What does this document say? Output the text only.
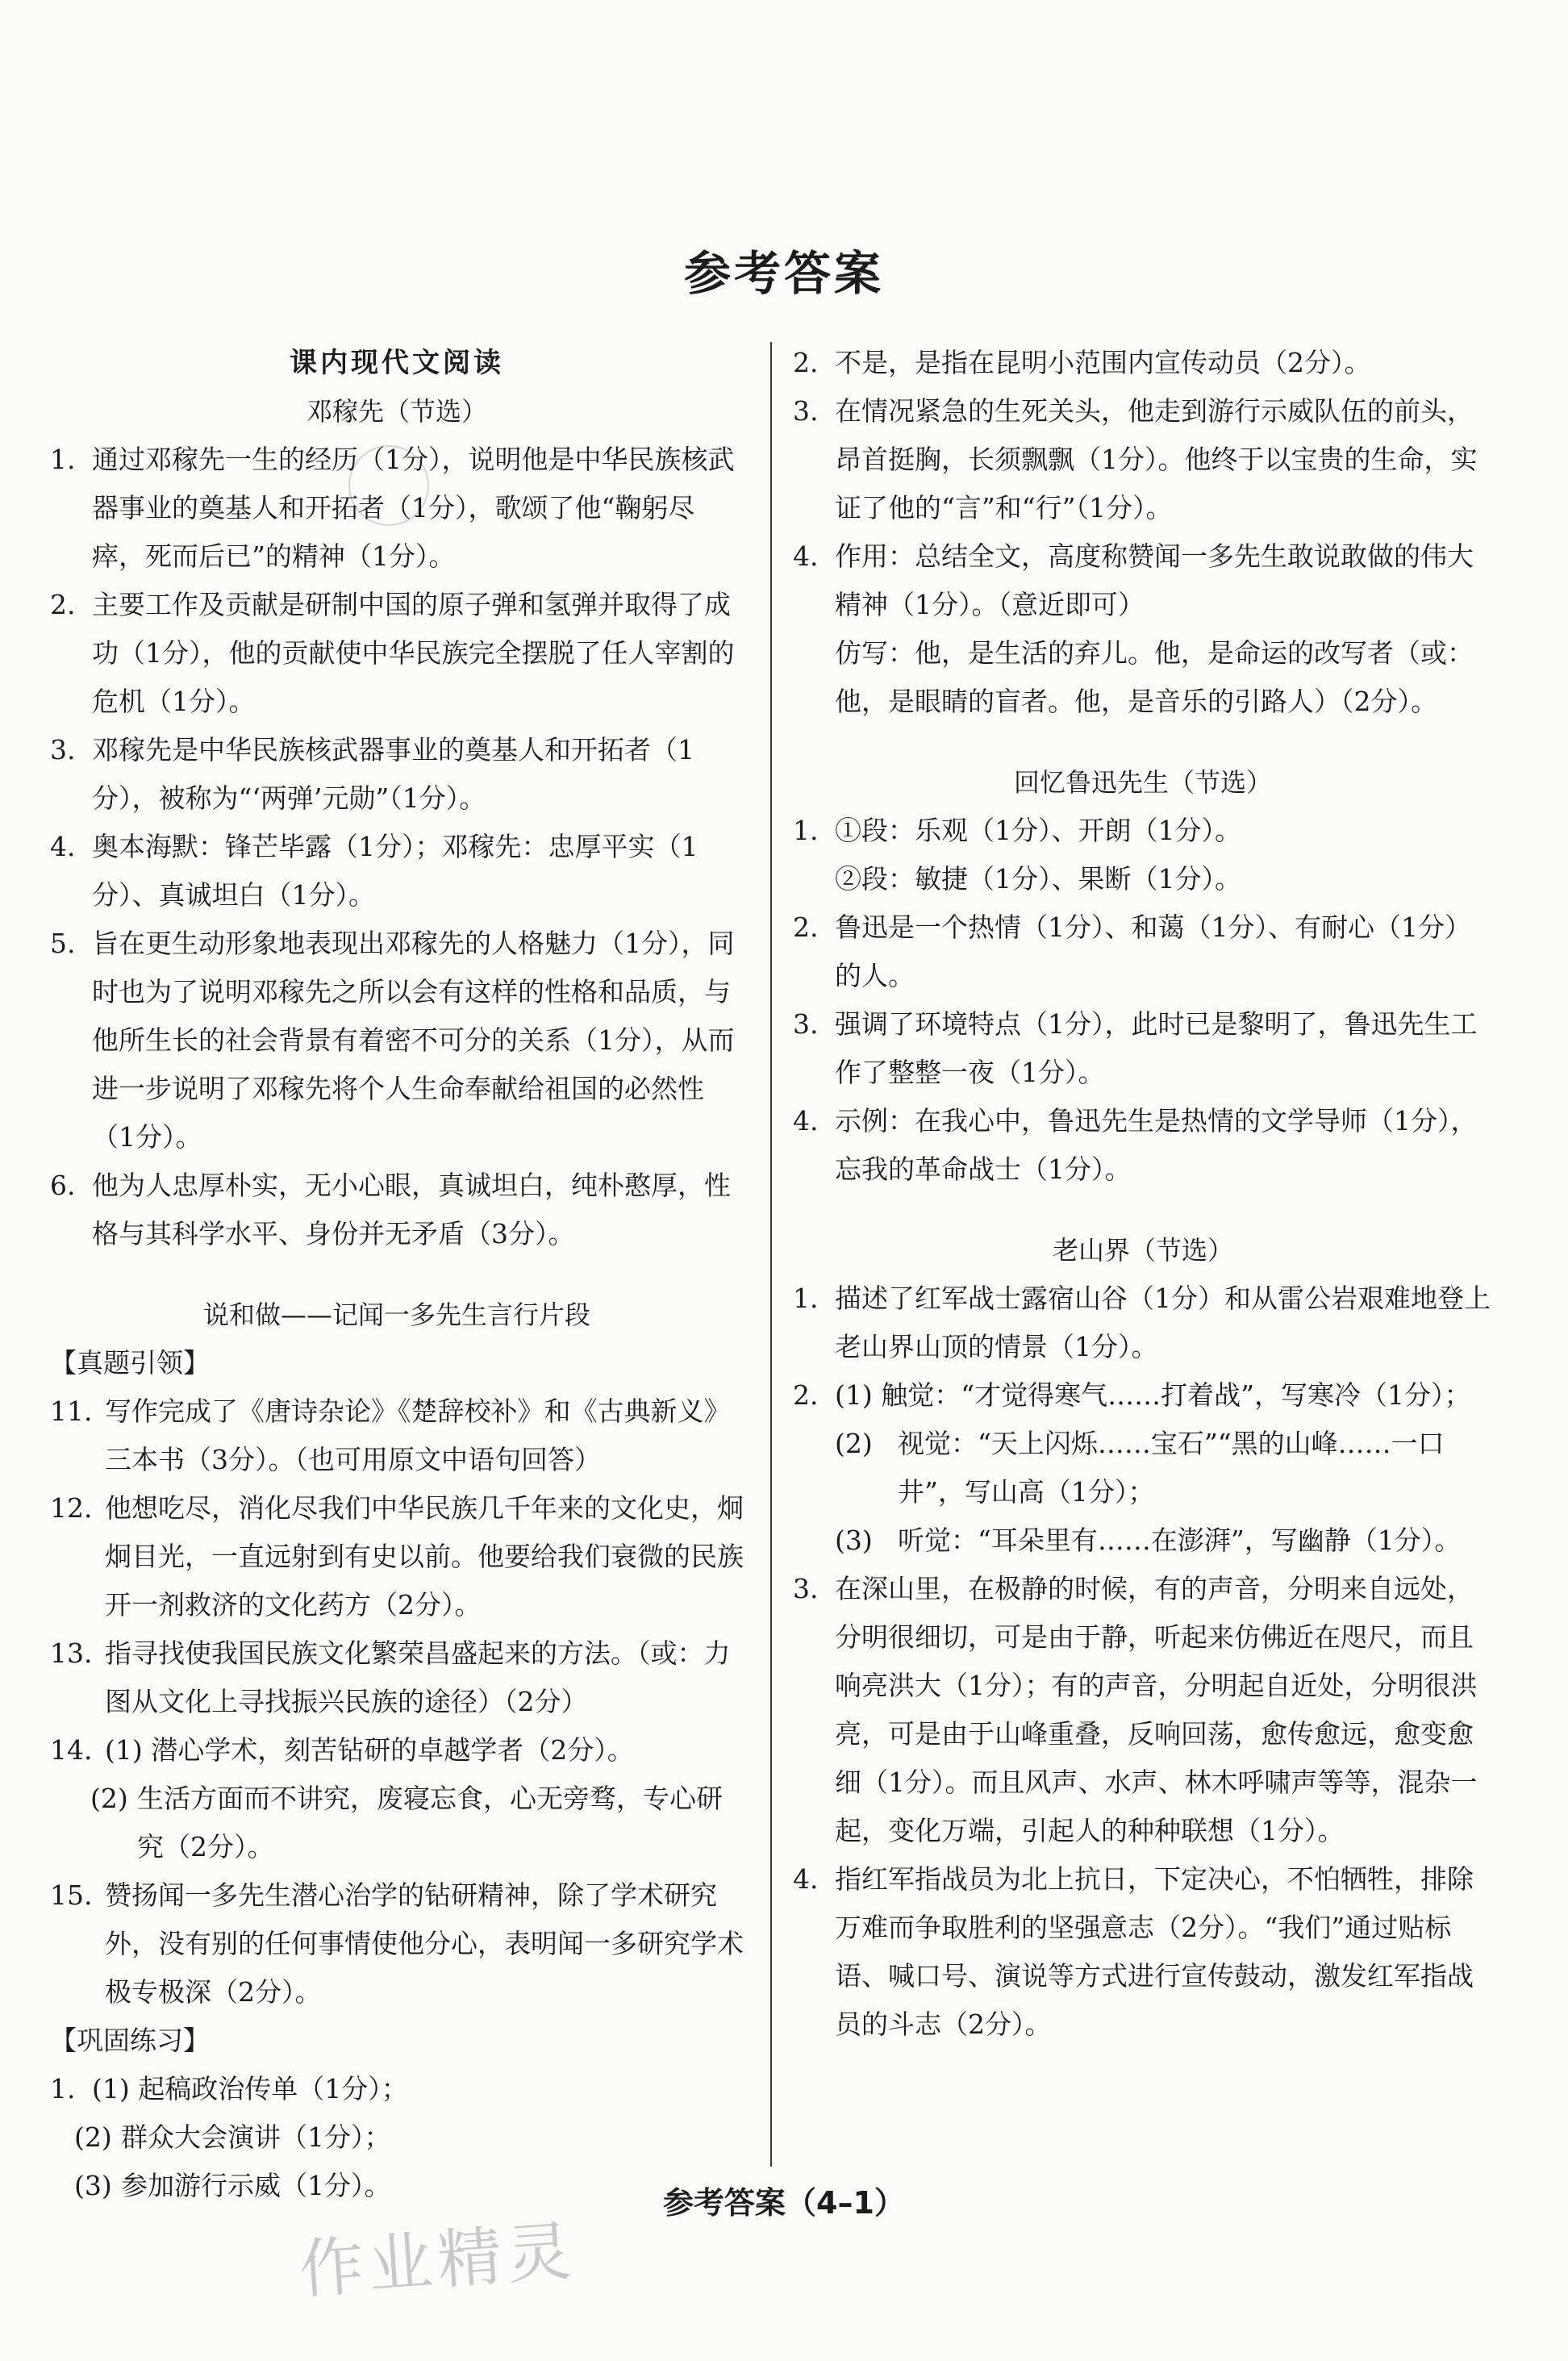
参考答案
课内现代文阅读
邓稼先（节选）
1. 通过邓稼先一生的经历（1分），说明他是中华民族核武器事业的奠基人和开拓者（1分），歌颂了他“鞠躬尽瘁，死而后已”的精神（1分）。
2. 主要工作及贡献是研制中国的原子弹和氢弹并取得了成功（1分），他的贡献使中华民族完全摆脱了任人宰割的危机（1分）。
3. 邓稼先是中华民族核武器事业的奠基人和开拓者（1分），被称为“‘两弹’元勋”（1分）。
4. 奥本海默：锋芒毕露（1分）；邓稼先：忠厚平实（1分）、真诚坦白（1分）。
5. 旨在更生动形象地表现出邓稼先的人格魅力（1分），同时也为了说明邓稼先之所以会有这样的性格和品质，与他所生长的社会背景有着密不可分的关系（1分），从而进一步说明了邓稼先将个人生命奉献给祖国的必然性（1分）。
6. 他为人忠厚朴实，无小心眼，真诚坦白，纯朴憨厚，性格与其科学水平、身份并无矛盾（3分）。
说和做——记闻一多先生言行片段
【真题引领】
11. 写作完成了《唐诗杂论》《楚辞校补》和《古典新义》三本书（3分）。（也可用原文中语句回答）
12. 他想吃尽，消化尽我们中华民族几千年来的文化史，炯炯目光，一直远射到有史以前。他要给我们衰微的民族开一剂救济的文化药方（2分）。
13. 指寻找使我国民族文化繁荣昌盛起来的方法。（或：力图从文化上寻找振兴民族的途径）（2分）
14. (1) 潜心学术，刻苦钻研的卓越学者（2分）。
(2) 生活方面而不讲究，废寝忘食，心无旁骛，专心研究（2分）。
15. 赞扬闻一多先生潜心治学的钻研精神，除了学术研究外，没有别的任何事情使他分心，表明闻一多研究学术极专极深（2分）。
【巩固练习】
1. (1) 起稿政治传单（1分）；
(2) 群众大会演讲（1分）；
(3) 参加游行示威（1分）。
2. 不是，是指在昆明小范围内宣传动员（2分）。
3. 在情况紧急的生死关头，他走到游行示威队伍的前头，昂首挺胸，长须飘飘（1分）。他终于以宝贵的生命，实证了他的“言”和“行”（1分）。
4. 作用：总结全文，高度称赞闻一多先生敢说敢做的伟大精神（1分）。（意近即可）
仿写：他，是生活的弃儿。他，是命运的改写者（或：他，是眼睛的盲者。他，是音乐的引路人）（2分）。
回忆鲁迅先生（节选）
1. ①段：乐观（1分）、开朗（1分）。
②段：敏捷（1分）、果断（1分）。
2. 鲁迅是一个热情（1分）、和蔼（1分）、有耐心（1分）的人。
3. 强调了环境特点（1分），此时已是黎明了，鲁迅先生工作了整整一夜（1分）。
4. 示例：在我心中，鲁迅先生是热情的文学导师（1分），忘我的革命战士（1分）。
老山界（节选）
1. 描述了红军战士露宿山谷（1分）和从雷公岩艰难地登上老山界山顶的情景（1分）。
2. (1) 触觉：“才觉得寒气……打着战”，写寒冷（1分）；
(2) 视觉：“天上闪烁……宝石”“黑的山峰……一口井”，写山高（1分）；
(3) 听觉：“耳朵里有……在澎湃”，写幽静（1分）。
3. 在深山里，在极静的时候，有的声音，分明来自远处，分明很细切，可是由于静，听起来仿佛近在咫尺，而且响亮洪大（1分）；有的声音，分明起自近处，分明很洪亮，可是由于山峰重叠，反响回荡，愈传愈远，愈变愈细（1分）。而且风声、水声、林木呼啸声等等，混杂一起，变化万端，引起人的种种联想（1分）。
4. 指红军指战员为北上抗日，下定决心，不怕牺牲，排除万难而争取胜利的坚强意志（2分）。“我们”通过贴标语、喊口号、演说等方式进行宣传鼓动，激发红军指战员的斗志（2分）。
参考答案（4–1）
作业精灵
